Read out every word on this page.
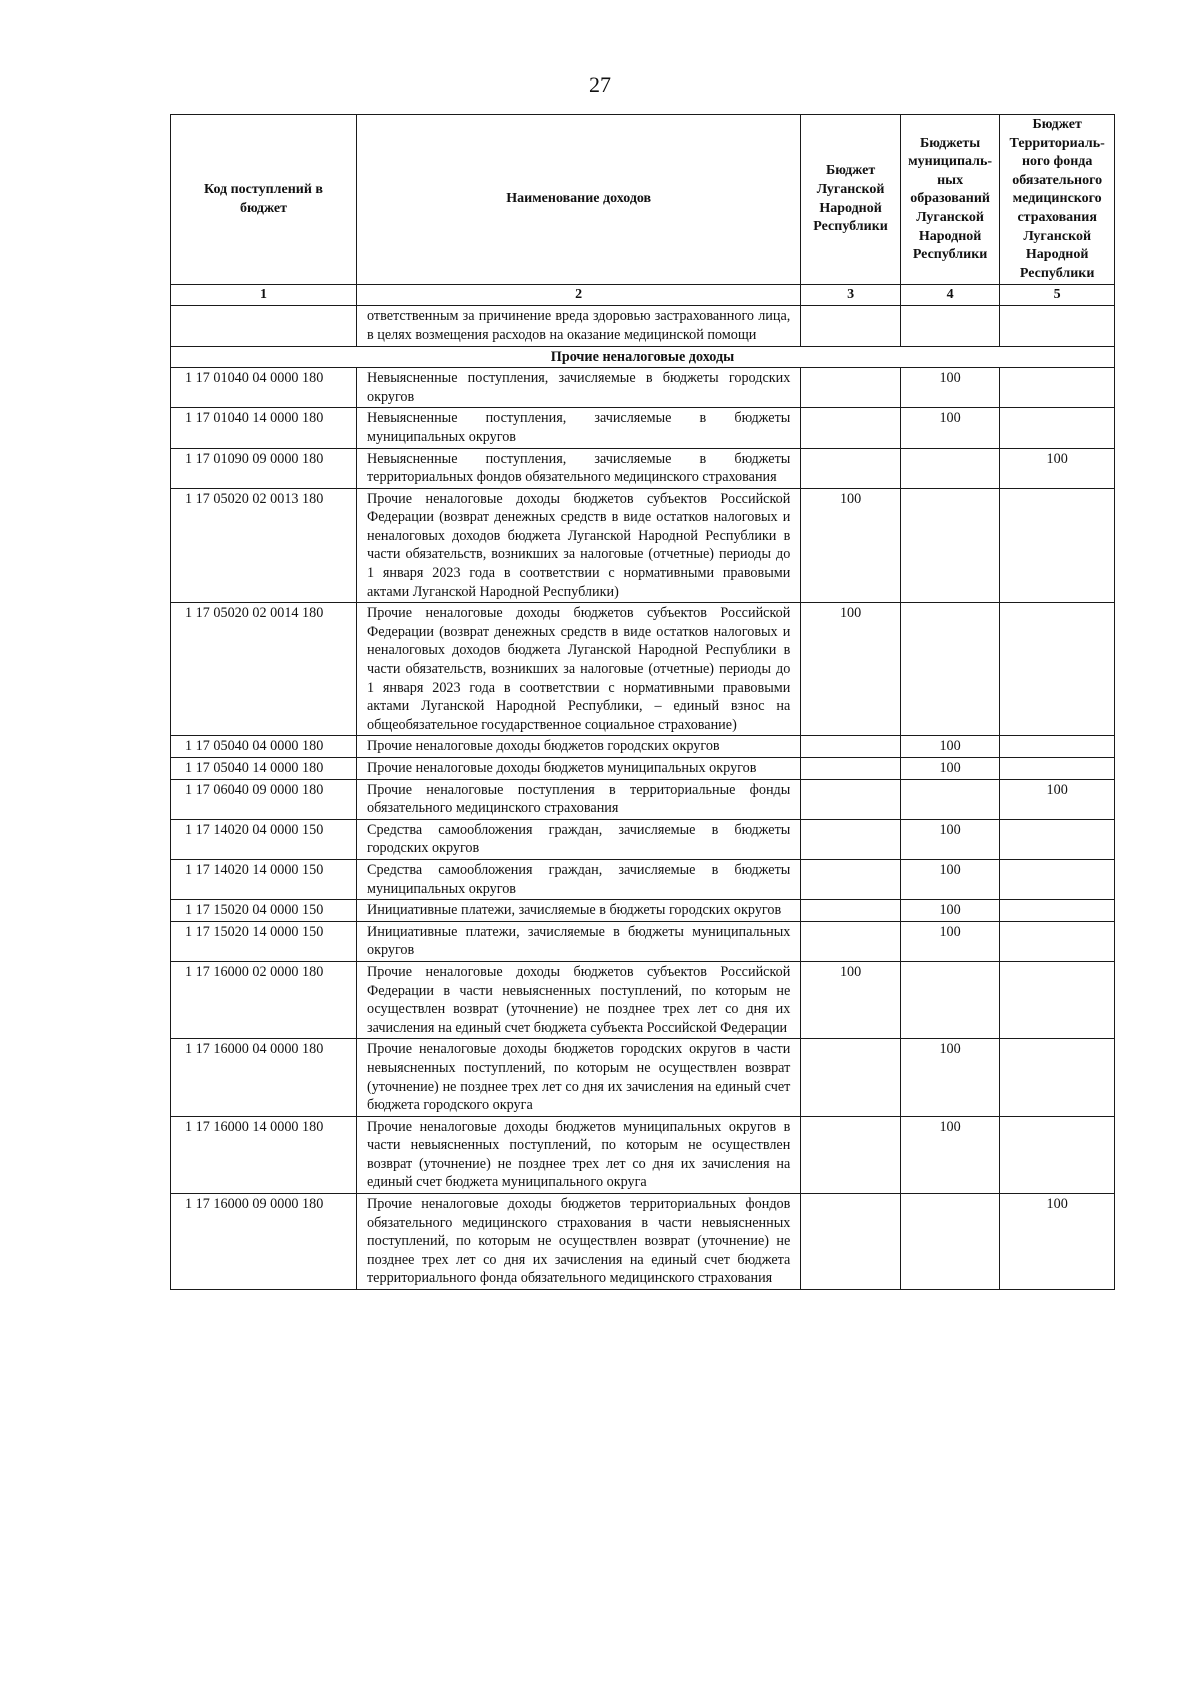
27
Код поступлений в бюджет	Наименование доходов	Бюджет Луганской Народной Республики	Бюджеты муниципаль-ных образований Луганской Народной Республики	Бюджет Территориаль-ного фонда обязательного медицинского страхования Луганской Народной Республики
1	2	3	4	5
	ответственным за причинение вреда здоровью застрахованного лица, в целях возмещения расходов на оказание медицинской помощи			
Прочие неналоговые доходы				
1 17 01040 04 0000 180	Невыясненные поступления, зачисляемые в бюджеты городских округов		100	
1 17 01040 14 0000 180	Невыясненные поступления, зачисляемые в бюджеты муниципальных округов		100	
1 17 01090 09 0000 180	Невыясненные поступления, зачисляемые в бюджеты территориальных фондов обязательного медицинского страхования			100
1 17 05020 02 0013 180	Прочие неналоговые доходы бюджетов субъектов Российской Федерации (возврат денежных средств в виде остатков налоговых и неналоговых доходов бюджета Луганской Народной Республики в части обязательств, возникших за налоговые (отчетные) периоды до 1 января 2023 года в соответствии с нормативными правовыми актами Луганской Народной Республики)	100		
1 17 05020 02 0014 180	Прочие неналоговые доходы бюджетов субъектов Российской Федерации (возврат денежных средств в виде остатков налоговых и неналоговых доходов бюджета Луганской Народной Республики в части обязательств, возникших за налоговые (отчетные) периоды до 1 января 2023 года в соответствии с нормативными правовыми актами Луганской Народной Республики, – единый взнос на общеобязательное государственное социальное страхование)	100		
1 17 05040 04 0000 180	Прочие неналоговые доходы бюджетов городских округов		100	
1 17 05040 14 0000 180	Прочие неналоговые доходы бюджетов муниципальных округов		100	
1 17 06040 09 0000 180	Прочие неналоговые поступления в территориальные фонды обязательного медицинского страхования			100
1 17 14020 04 0000 150	Средства самообложения граждан, зачисляемые в бюджеты городских округов		100	
1 17 14020 14 0000 150	Средства самообложения граждан, зачисляемые в бюджеты муниципальных округов		100	
1 17 15020 04 0000 150	Инициативные платежи, зачисляемые в бюджеты городских округов		100	
1 17 15020 14 0000 150	Инициативные платежи, зачисляемые в бюджеты муниципальных округов		100	
1 17 16000 02 0000 180	Прочие неналоговые доходы бюджетов субъектов Российской Федерации в части невыясненных поступлений, по которым не осуществлен возврат (уточнение) не позднее трех лет со дня их зачисления на единый счет бюджета субъекта Российской Федерации	100		
1 17 16000 04 0000 180	Прочие неналоговые доходы бюджетов городских округов в части невыясненных поступлений, по которым не осуществлен возврат (уточнение) не позднее трех лет со дня их зачисления на единый счет бюджета городского округа		100	
1 17 16000 14 0000 180	Прочие неналоговые доходы бюджетов муниципальных округов в части невыясненных поступлений, по которым не осуществлен возврат (уточнение) не позднее трех лет со дня их зачисления на единый счет бюджета муниципального округа		100	
1 17 16000 09 0000 180	Прочие неналоговые доходы бюджетов территориальных фондов обязательного медицинского страхования в части невыясненных поступлений, по которым не осуществлен возврат (уточнение) не позднее трех лет со дня их зачисления на единый счет бюджета территориального фонда обязательного медицинского страхования			100
